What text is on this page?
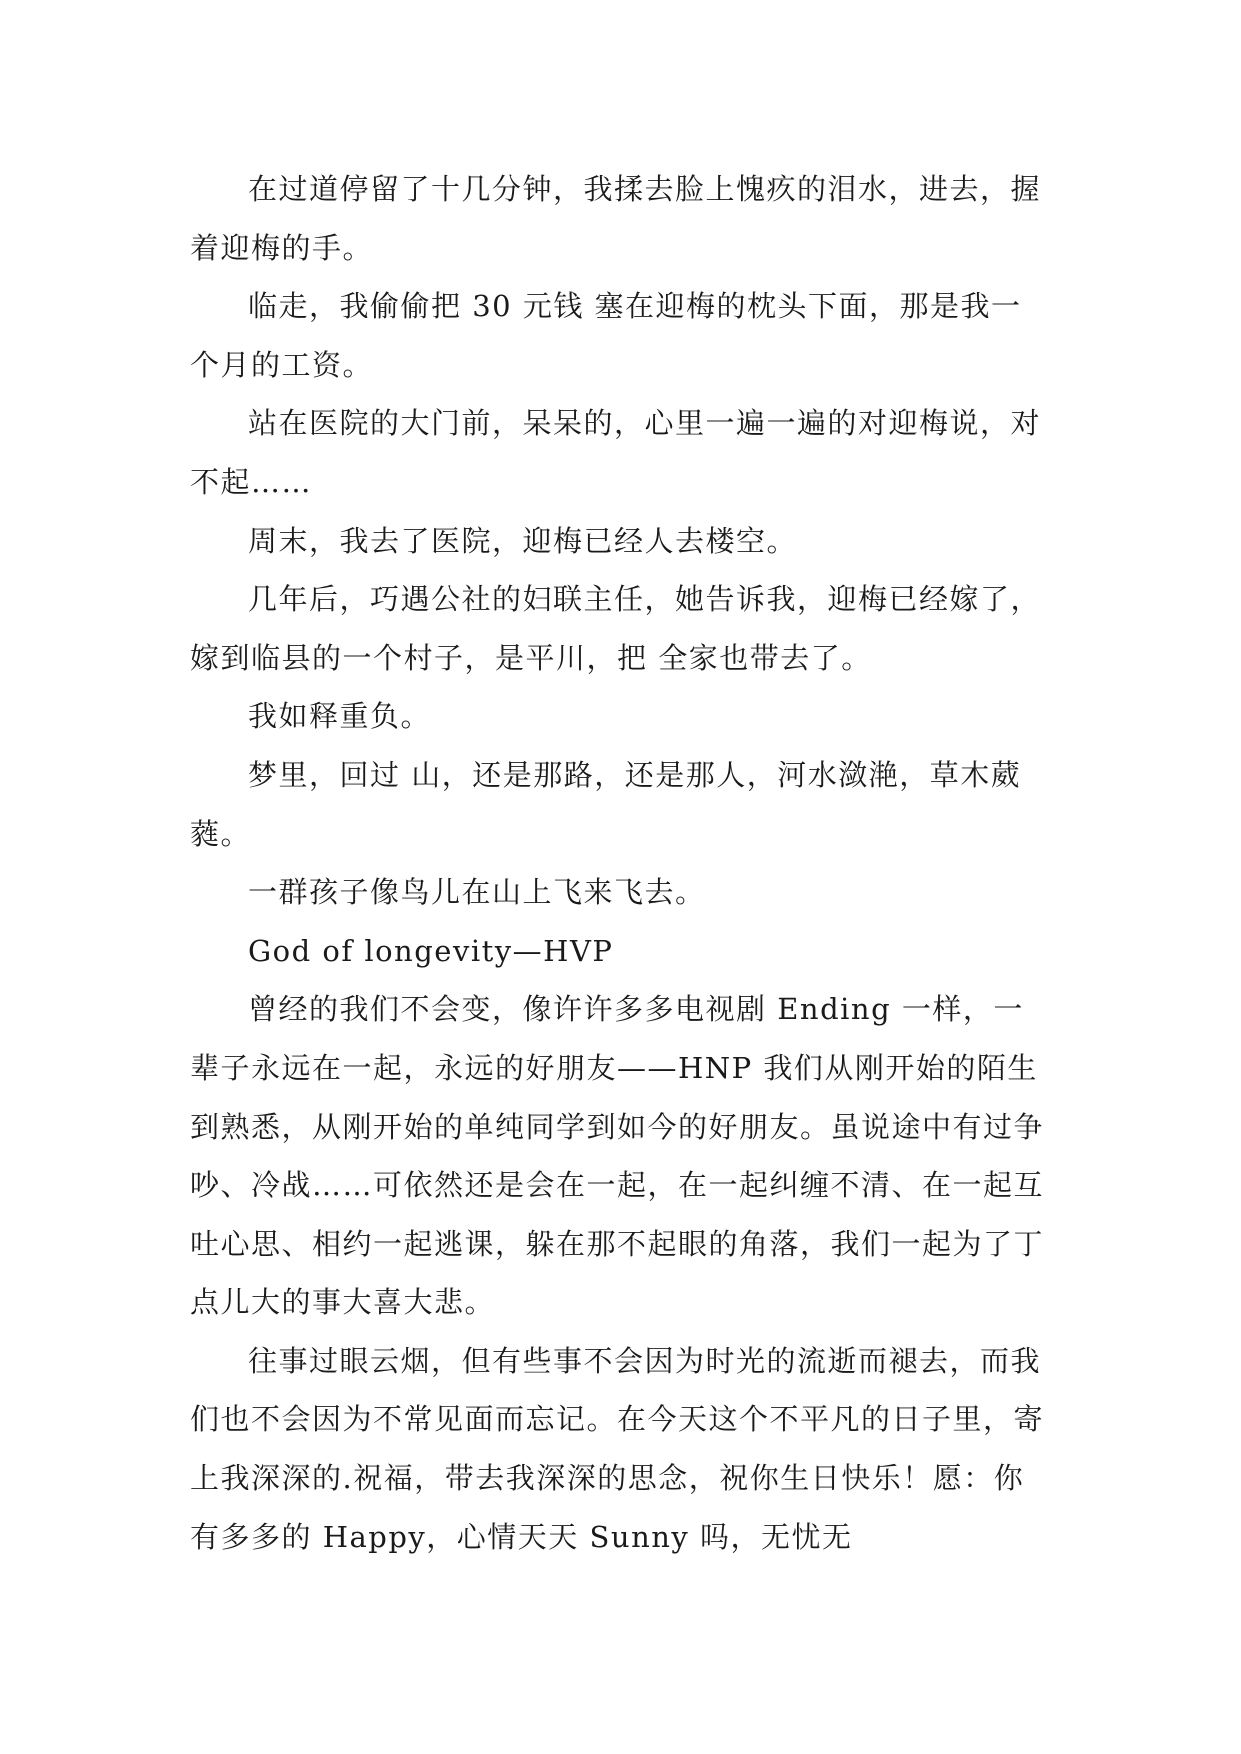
在过道停留了十几分钟，我揉去脸上愧疚的泪水，进去，握着迎梅的手。

临走，我偷偷把 30 元钱 塞在迎梅的枕头下面，那是我一个月的工资。

站在医院的大门前，呆呆的，心里一遍一遍的对迎梅说，对不起……

周末，我去了医院，迎梅已经人去楼空。

几年后，巧遇公社的妇联主任，她告诉我，迎梅已经嫁了，嫁到临县的一个村子，是平川，把 全家也带去了。

我如释重负。

梦里，回过 山，还是那路，还是那人，河水潋滟，草木葳蕤。

一群孩子像鸟儿在山上飞来飞去。

God of longevity—HVP

曾经的我们不会变，像许许多多电视剧 Ending 一样，一辈子永远在一起，永远的好朋友——HNP 我们从刚开始的陌生到熟悉，从刚开始的单纯同学到如今的好朋友。虽说途中有过争吵、冷战……可依然还是会在一起，在一起纠缠不清、在一起互吐心思、相约一起逃课，躲在那不起眼的角落，我们一起为了丁点儿大的事大喜大悲。

往事过眼云烟，但有些事不会因为时光的流逝而褪去，而我们也不会因为不常见面而忘记。在今天这个不平凡的日子里，寄上我深深的.祝福，带去我深深的思念，祝你生日快乐！愿：你有多多的 Happy，心情天天 Sunny 吗，无忧无
